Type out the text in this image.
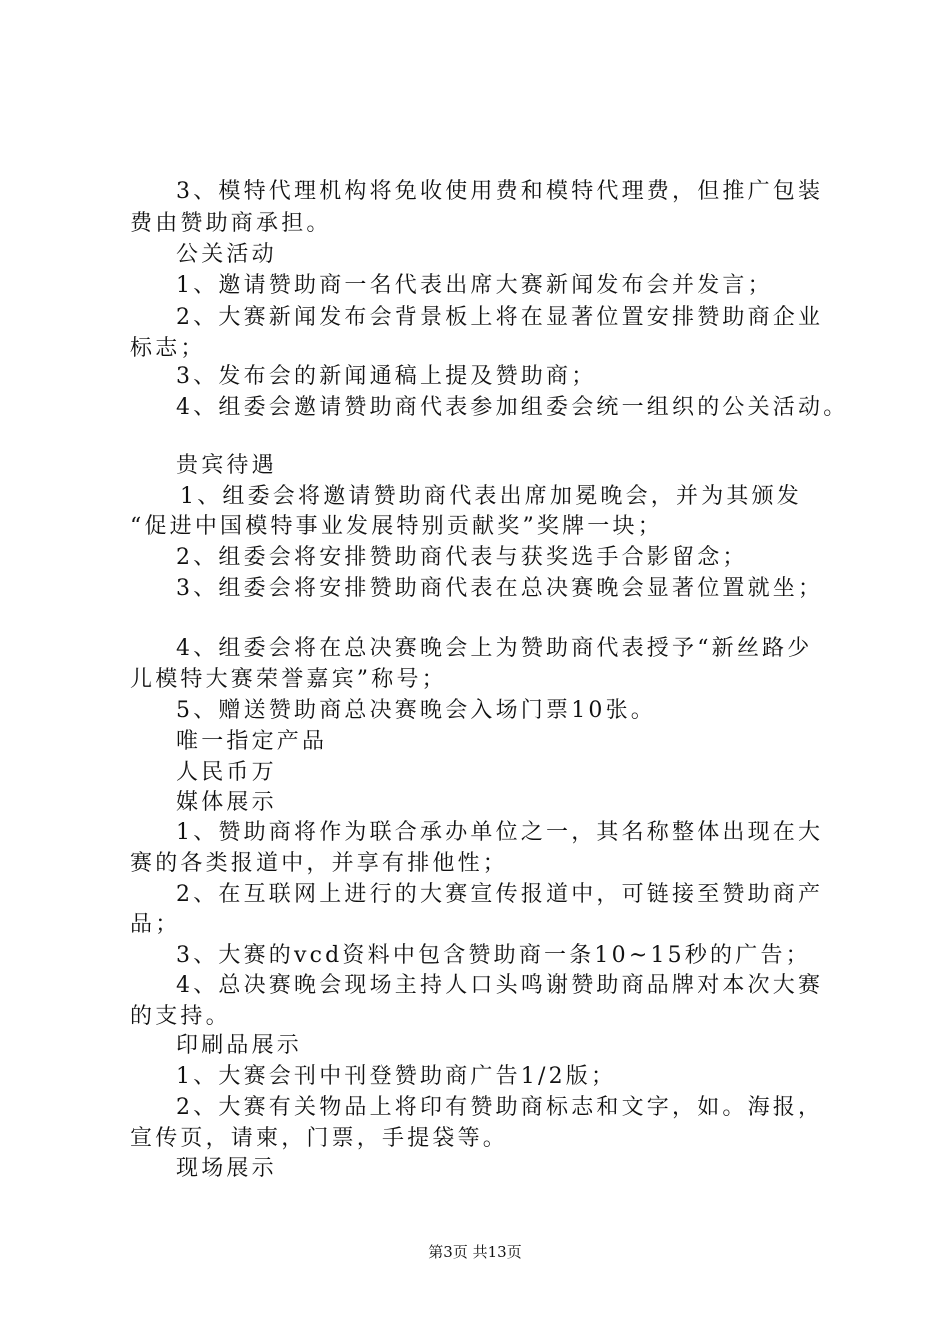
3、模特代理机构将免收使用费和模特代理费，但推广包装
费由赞助商承担。
公关活动
1、邀请赞助商一名代表出席大赛新闻发布会并发言；
2、大赛新闻发布会背景板上将在显著位置安排赞助商企业
标志；
3、发布会的新闻通稿上提及赞助商；
4、组委会邀请赞助商代表参加组委会统一组织的公关活动。
贵宾待遇
1、组委会将邀请赞助商代表出席加冕晚会，并为其颁发
“促进中国模特事业发展特别贡献奖”奖牌一块；
2、组委会将安排赞助商代表与获奖选手合影留念；
3、组委会将安排赞助商代表在总决赛晚会显著位置就坐；
4、组委会将在总决赛晚会上为赞助商代表授予“新丝路少
儿模特大赛荣誉嘉宾”称号；
5、赠送赞助商总决赛晚会入场门票10张。
唯一指定产品
人民币万
媒体展示
1、赞助商将作为联合承办单位之一，其名称整体出现在大
赛的各类报道中，并享有排他性；
2、在互联网上进行的大赛宣传报道中，可链接至赞助商产
品；
3、大赛的vcd资料中包含赞助商一条10~15秒的广告；
4、总决赛晚会现场主持人口头鸣谢赞助商品牌对本次大赛
的支持。
印刷品展示
1、大赛会刊中刊登赞助商广告1/2版；
2、大赛有关物品上将印有赞助商标志和文字，如。海报，
宣传页，请柬，门票，手提袋等。
现场展示
第3页 共13页
